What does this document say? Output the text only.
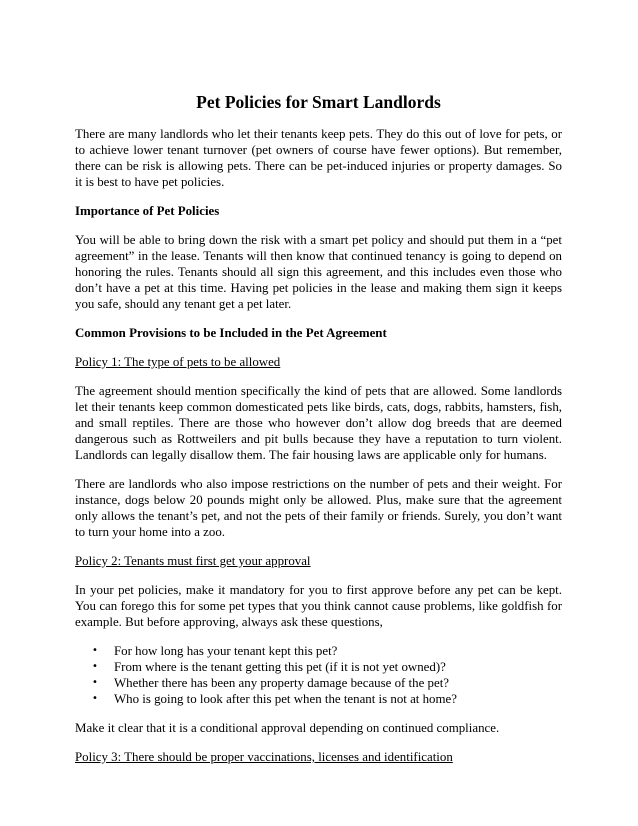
Pet Policies for Smart Landlords

There are many landlords who let their tenants keep pets. They do this out of love for pets, or to achieve lower tenant turnover (pet owners of course have fewer options). But remember, there can be risk is allowing pets. There can be pet-induced injuries or property damages. So it is best to have pet policies.

Importance of Pet Policies

You will be able to bring down the risk with a smart pet policy and should put them in a “pet agreement” in the lease. Tenants will then know that continued tenancy is going to depend on honoring the rules. Tenants should all sign this agreement, and this includes even those who don’t have a pet at this time. Having pet policies in the lease and making them sign it keeps you safe, should any tenant get a pet later.

Common Provisions to be Included in the Pet Agreement
Policy 1: The type of pets to be allowed

The agreement should mention specifically the kind of pets that are allowed. Some landlords let their tenants keep common domesticated pets like birds, cats, dogs, rabbits, hamsters, fish, and small reptiles. There are those who however don’t allow dog breeds that are deemed dangerous such as Rottweilers and pit bulls because they have a reputation to turn violent. Landlords can legally disallow them. The fair housing laws are applicable only for humans.

There are landlords who also impose restrictions on the number of pets and their weight. For instance, dogs below 20 pounds might only be allowed. Plus, make sure that the agreement only allows the tenant’s pet, and not the pets of their family or friends. Surely, you don’t want to turn your home into a zoo.

Policy 2: Tenants must first get your approval

In your pet policies, make it mandatory for you to first approve before any pet can be kept. You can forego this for some pet types that you think cannot cause problems, like goldfish for example. But before approving, always ask these questions,

• For how long has your tenant kept this pet?
• From where is the tenant getting this pet (if it is not yet owned)?
• Whether there has been any property damage because of the pet?
• Who is going to look after this pet when the tenant is not at home?

Make it clear that it is a conditional approval depending on continued compliance.

Policy 3: There should be proper vaccinations, licenses and identification
